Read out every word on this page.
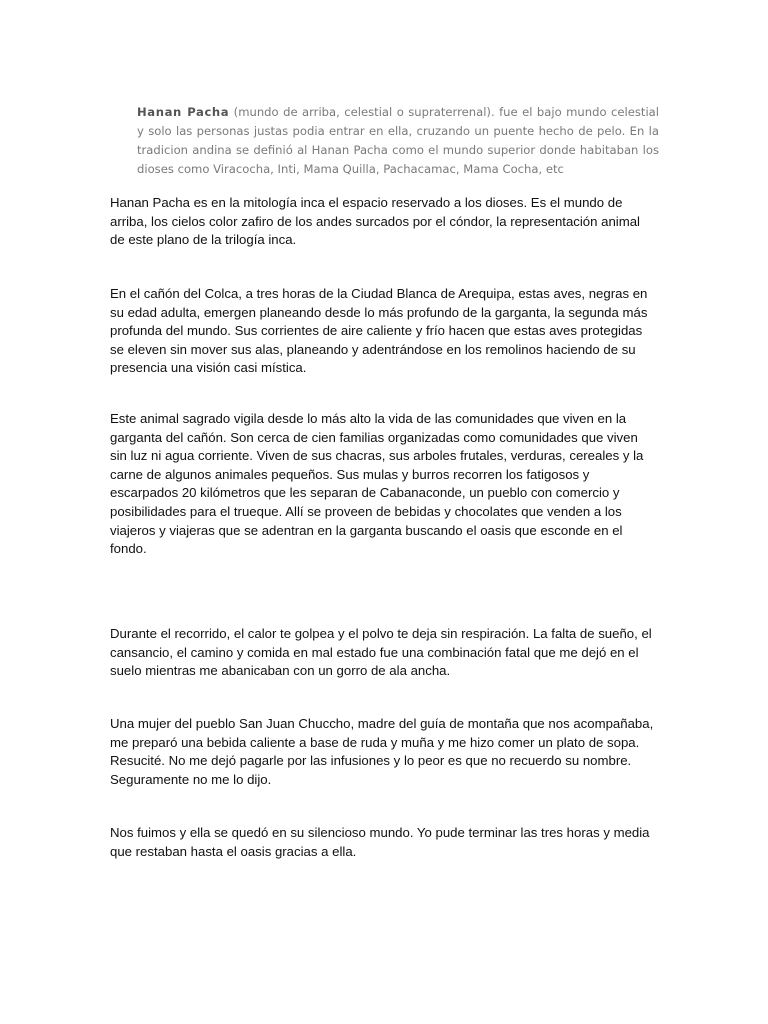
Hanan Pacha (mundo de arriba, celestial o supraterrenal). fue el bajo mundo celestial y solo las personas justas podia entrar en ella, cruzando un puente hecho de pelo. En la tradicion andina se definió al Hanan Pacha como el mundo superior donde habitaban los dioses como Viracocha, Inti, Mama Quilla, Pachacamac, Mama Cocha, etc

Hanan Pacha es en la mitología inca el espacio reservado a los dioses. Es el mundo de arriba, los cielos color zafiro de los andes surcados por el cóndor, la representación animal de este plano de la trilogía inca.

En el cañón del Colca, a tres horas de la Ciudad Blanca de Arequipa, estas aves, negras en su edad adulta, emergen planeando desde lo más profundo de la garganta, la segunda más profunda del mundo. Sus corrientes de aire caliente y frío hacen que estas aves protegidas se eleven sin mover sus alas, planeando y adentrándose en los remolinos haciendo de su presencia una visión casi mística.

Este animal sagrado vigila desde lo más alto la vida de las comunidades que viven en la garganta del cañón. Son cerca de cien familias organizadas como comunidades que viven sin luz ni agua corriente. Viven de sus chacras, sus arboles frutales, verduras, cereales y la carne de algunos animales pequeños. Sus mulas y burros recorren los fatigosos y escarpados 20 kilómetros que les separan de Cabanaconde, un pueblo con comercio y posibilidades para el trueque. Allí se proveen de bebidas y chocolates que venden a los viajeros y viajeras que se adentran en la garganta buscando el oasis que esconde en el fondo.

Durante el recorrido, el calor te golpea y el polvo te deja sin respiración. La falta de sueño, el cansancio, el camino y comida en mal estado fue una combinación fatal que me dejó en el suelo mientras me abanicaban con un gorro de ala ancha.

Una mujer del pueblo San Juan Chuccho, madre del guía de montaña que nos acompañaba, me preparó una bebida caliente a base de ruda y muña y me hizo comer un plato de sopa. Resucité. No me dejó pagarle por las infusiones y lo peor es que no recuerdo su nombre. Seguramente no me lo dijo.

Nos fuimos y ella se quedó en su silencioso mundo. Yo pude terminar las tres horas y media que restaban hasta el oasis gracias a ella.
